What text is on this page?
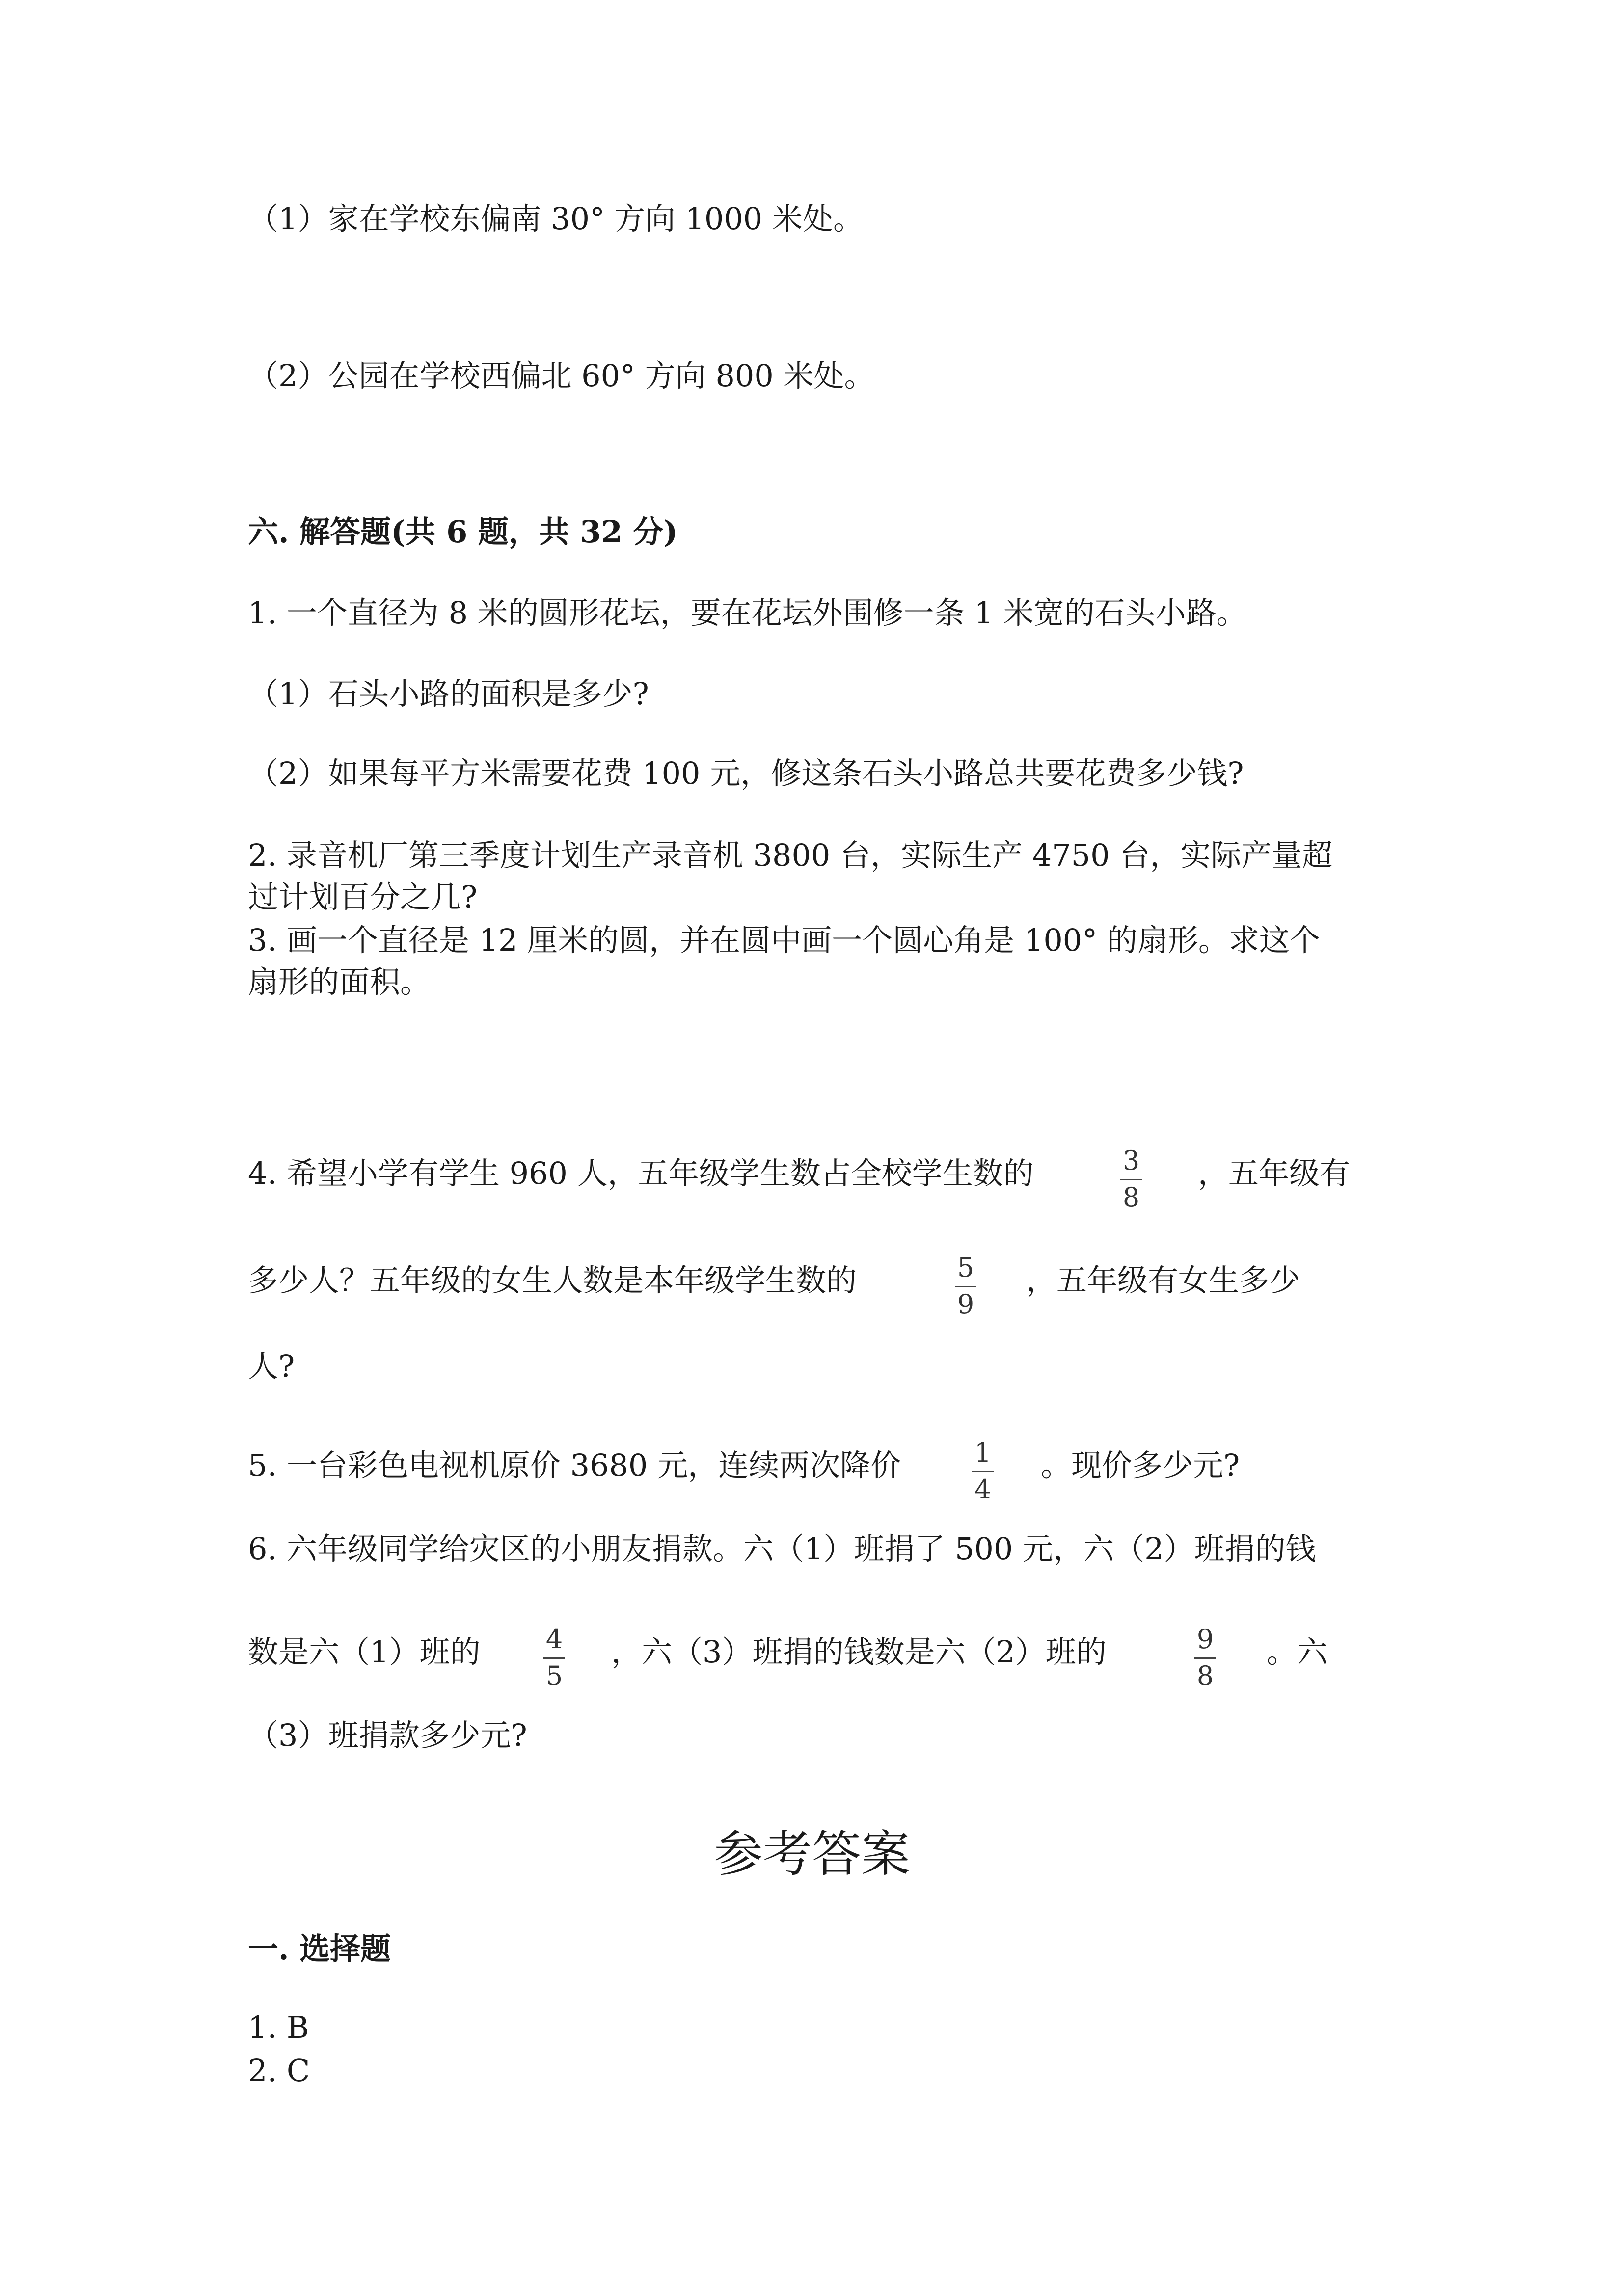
（1）家在学校东偏南 30° 方向 1000 米处。
（2）公园在学校西偏北 60° 方向 800 米处。
六. 解答题(共 6 题，共 32 分)
1. 一个直径为 8 米的圆形花坛，要在花坛外围修一条 1 米宽的石头小路。
（1）石头小路的面积是多少?
（2）如果每平方米需要花费 100 元，修这条石头小路总共要花费多少钱?
2. 录音机厂第三季度计划生产录音机 3800 台，实际生产 4750 台，实际产量超
过计划百分之几?
3. 画一个直径是 12 厘米的圆，并在圆中画一个圆心角是 100° 的扇形。求这个
扇形的面积。
4. 希望小学有学生 960 人，五年级学生数占全校学生数的	3
8
，五年级有
多少人？五年级的女生人数是本年级学生数的	5
9
，五年级有女生多少
人?
5. 一台彩色电视机原价 3680 元，连续两次降价	1
4
。现价多少元?
6. 六年级同学给灾区的小朋友捐款。六（1）班捐了 500 元，六（2）班捐的钱
数是六（1）班的 4
5
，六（3）班捐的钱数是六（2）班的	9
8
。六
（3）班捐款多少元?
参考答案
一. 选择题
1. B
2. C
